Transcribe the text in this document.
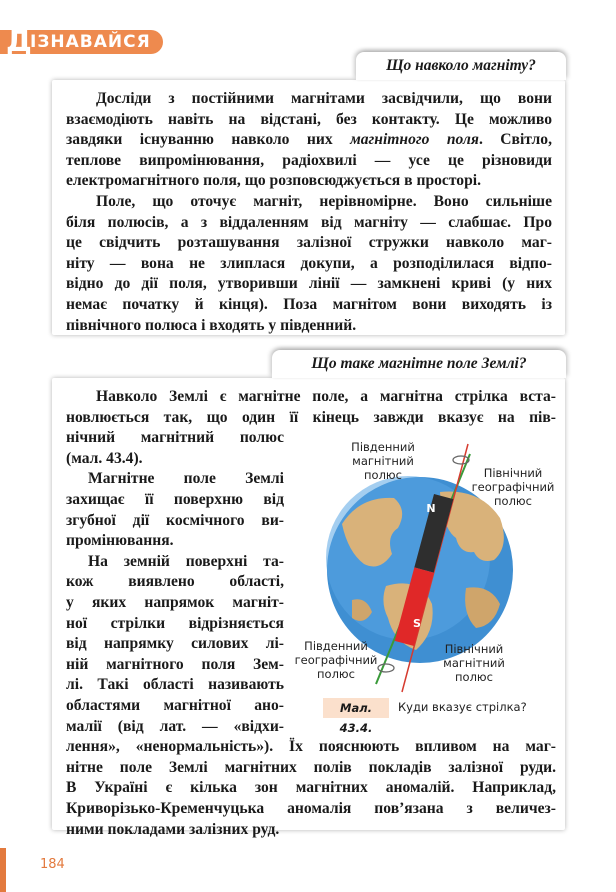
Д
ІЗНАВАЙСЯ
Що навколо магніту?

Досліди з постійними магнітами засвідчили, що вони

взаємодіють навіть на відстані, без контакту. Це можливо

завдяки існуванню навколо них магнітного поля. Світло,

теплове випромінювання, радіохвилі — усе це різновиди

електромагнітного поля, що розповсюджується в просторі.

Поле, що оточує магніт, нерівномірне. Воно сильніше

біля полюсів, а з віддаленням від магніту — слабшає. Про

це свідчить розташування залізної стружки навколо маг-

ніту — вона не злиплася докупи, а розподілилася відпо-

відно до дії поля, утворивши лінії — замкнені криві (у них

немає початку й кінця). Поза магнітом вони виходять із

північного полюса і входять у південний.

Що таке магнітне поле Землі?

Навколо Землі є магнітне поле, а магнітна стрілка вста-

новлюється так, що один її кінець завжди вказує на пів-

нічний магнітний полюс

(мал. 43.4).

Магнітне поле Землі

захищає її поверхню від

згубної дії космічного ви-

промінювання.

На земній поверхні та-

кож виявлено області,

у яких напрямок магніт-

ної стрілки відрізняється

від напрямку силових лі-

ній магнітного поля Зем-

лі. Такі області називають

областями магнітної ано-

малії (від лат. — «відхи-

лення», «ненормальність»). Їх пояснюють впливом на маг-

нітне поле Землі магнітних полів покладів залізної руди.

В Україні є кілька зон магнітних аномалій. Наприклад,

Криворізько-Кременчуцька аномалія пов’язана з величез-

ними покладами залізних руд.

N
S
Південний магнітний полюс	Північний географічний полюс
Південний географічний полюс
Північний магнітний полюс
Мал. 43.4.
Куди вказує стрілка?
184
